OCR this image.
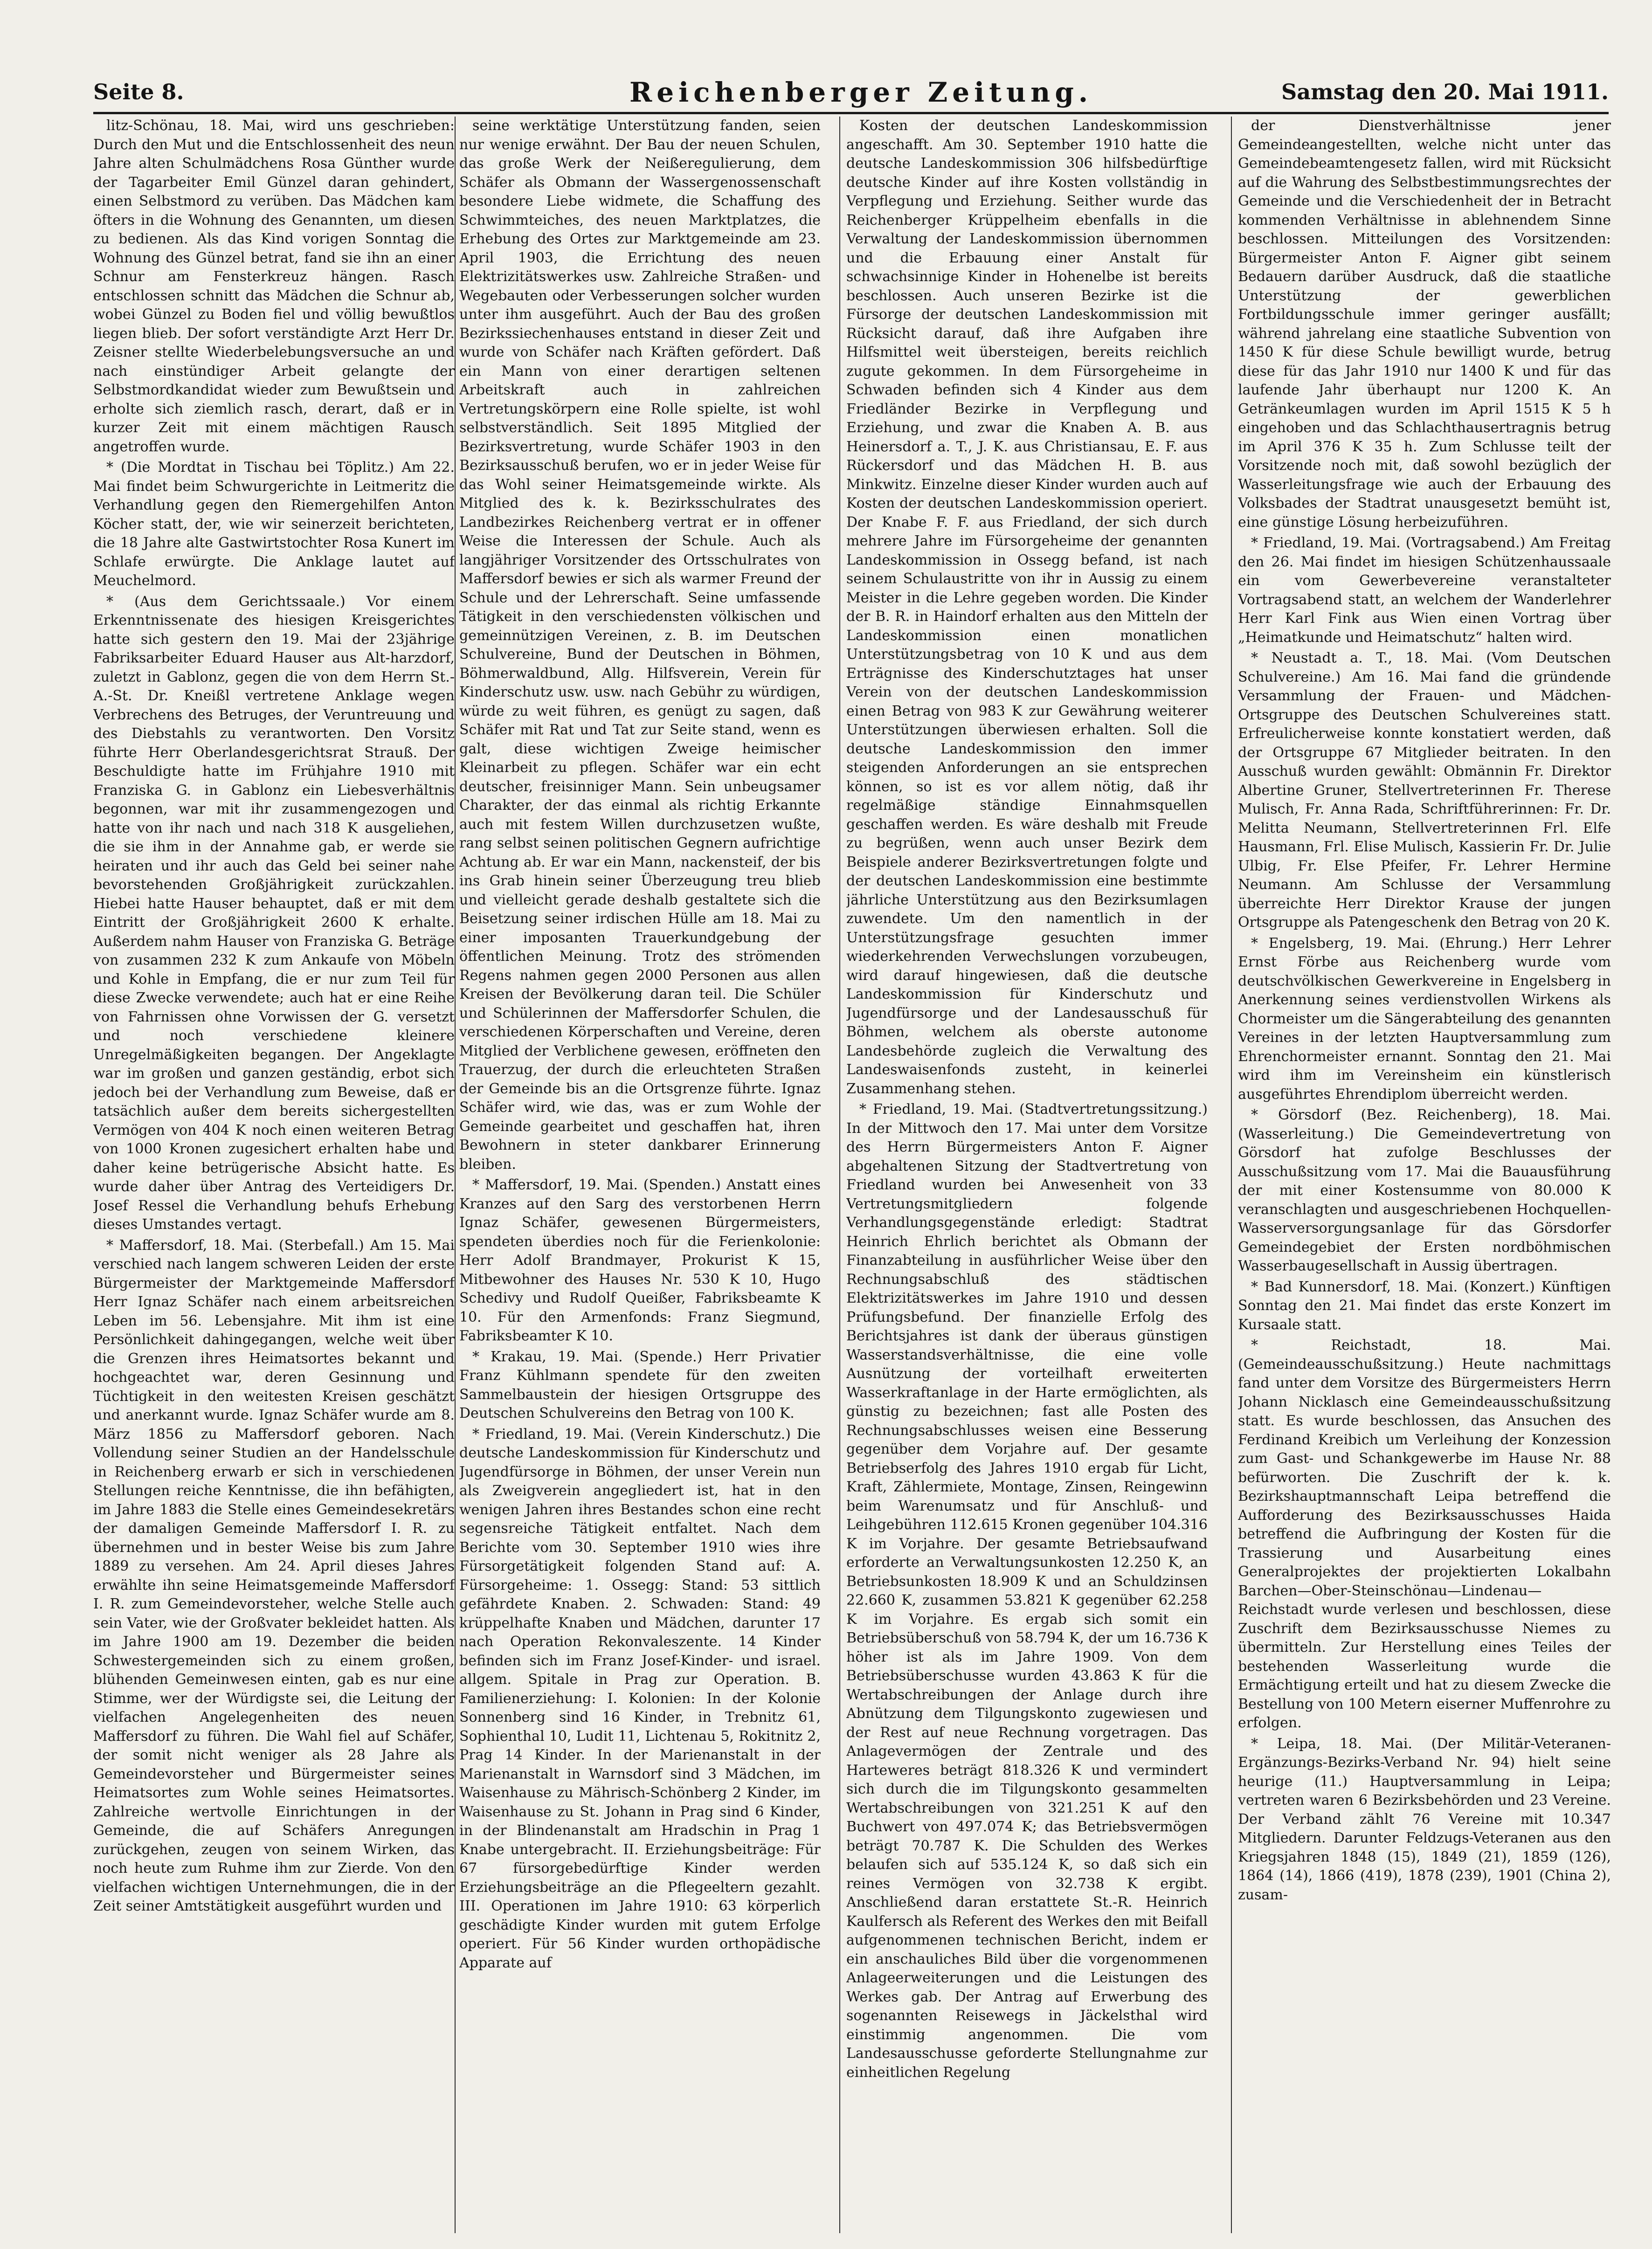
Seite 8.	Reichenberger Zeitung.	Samstag den 20. Mai 1911.

litz-Schönau, 18. Mai, wird uns geschrieben: Durch den Mut und die Entschlossenheit des neun Jahre alten Schulmädchens Rosa Günther wurde der Tagarbeiter Emil Günzel daran gehindert, einen Selbstmord zu verüben. Das Mädchen kam öfters in die Wohnung des Genannten, um diesen zu bedienen. Als das Kind vorigen Sonntag die Wohnung des Günzel betrat, fand sie ihn an einer Schnur am Fensterkreuz hängen. Rasch entschlossen schnitt das Mädchen die Schnur ab, wobei Günzel zu Boden fiel und völlig bewußtlos liegen blieb. Der sofort verständigte Arzt Herr Dr. Zeisner stellte Wiederbelebungsversuche an und nach einstündiger Arbeit gelangte der Selbstmordkandidat wieder zum Bewußtsein und erholte sich ziemlich rasch, derart, daß er in kurzer Zeit mit einem mächtigen Rausch angetroffen wurde.

* (Die Mordtat in Tischau bei Töplitz.) Am 22. Mai findet beim Schwurgerichte in Leitmeritz die Verhandlung gegen den Riemergehilfen Anton Köcher statt, der, wie wir seinerzeit berichteten, die 18 Jahre alte Gastwirtstochter Rosa Kunert im Schlafe erwürgte. Die Anklage lautet auf Meuchelmord.

* (Aus dem Gerichtssaale.) Vor einem Erkenntnissenate des hiesigen Kreisgerichtes hatte sich gestern den 19. Mai der 23jährige Fabriksarbeiter Eduard Hauser aus Alt-harzdorf, zuletzt in Gablonz, gegen die von dem Herrn St.-A.-St. Dr. Kneißl vertretene Anklage wegen Verbrechens des Betruges, der Veruntreuung und des Diebstahls zu verantworten. Den Vorsitz führte Herr Oberlandesgerichtsrat Strauß. Der Beschuldigte hatte im Frühjahre 1910 mit Franziska G. in Gablonz ein Liebesverhältnis begonnen, war mit ihr zusammengezogen und hatte von ihr nach und nach 318 K ausgeliehen, die sie ihm in der Annahme gab, er werde sie heiraten und ihr auch das Geld bei seiner nahe bevorstehenden Großjährigkeit zurückzahlen. Hiebei hatte Hauser behauptet, daß er mit dem Eintritt der Großjährigkeit 2600 K erhalte. Außerdem nahm Hauser von Franziska G. Beträge von zusammen 232 K zum Ankaufe von Möbeln und Kohle in Empfang, die er nur zum Teil für diese Zwecke verwendete; auch hat er eine Reihe von Fahrnissen ohne Vorwissen der G. versetzt und noch verschiedene kleinere Unregelmäßigkeiten begangen. Der Angeklagte war im großen und ganzen geständig, erbot sich jedoch bei der Verhandlung zum Beweise, daß er tatsächlich außer dem bereits sichergestellten Vermögen von 404 K noch einen weiteren Betrag von 1000 Kronen zugesichert erhalten habe und daher keine betrügerische Absicht hatte. Es wurde daher über Antrag des Verteidigers Dr. Josef Ressel die Verhandlung behufs Erhebung dieses Umstandes vertagt.

* Maffersdorf, 18. Mai. (Sterbefall.) Am 15. Mai verschied nach langem schweren Leiden der erste Bürgermeister der Marktgemeinde Maffersdorf Herr Ignaz Schäfer nach einem arbeitsreichen Leben im 56. Lebensjahre. Mit ihm ist eine Persönlichkeit dahingegangen, welche weit über die Grenzen ihres Heimatsortes bekannt und hochgeachtet war, deren Gesinnung und Tüchtigkeit in den weitesten Kreisen geschätzt und anerkannt wurde. Ignaz Schäfer wurde am 8. März 1856 zu Maffersdorf geboren. Nach Vollendung seiner Studien an der Handelsschule in Reichenberg erwarb er sich in verschiedenen Stellungen reiche Kenntnisse, die ihn befähigten, im Jahre 1883 die Stelle eines Gemeindesekretärs der damaligen Gemeinde Maffersdorf I. R. zu übernehmen und in bester Weise bis zum Jahre 1889 zu versehen. Am 24. April dieses Jahres erwählte ihn seine Heimatsgemeinde Maffersdorf I. R. zum Gemeindevorsteher, welche Stelle auch sein Vater, wie der Großvater bekleidet hatten. Als im Jahre 1900 am 19. Dezember die beiden Schwestergemeinden sich zu einem großen, blühenden Gemeinwesen einten, gab es nur eine Stimme, wer der Würdigste sei, die Leitung der vielfachen Angelegenheiten des neuen Maffersdorf zu führen. Die Wahl fiel auf Schäfer, der somit nicht weniger als 28 Jahre als Gemeindevorsteher und Bürgermeister seines Heimatsortes zum Wohle seines Heimatsortes. Zahlreiche wertvolle Einrichtungen in der Gemeinde, die auf Schäfers Anregungen zurückgehen, zeugen von seinem Wirken, das noch heute zum Ruhme ihm zur Zierde. Von den vielfachen wichtigen Unternehmungen, die in der Zeit seiner Amtstätigkeit ausgeführt wurden und

seine werktätige Unterstützung fanden, seien nur wenige erwähnt. Der Bau der neuen Schulen, das große Werk der Neißeregulierung, dem Schäfer als Obmann der Wassergenossenschaft besondere Liebe widmete, die Schaffung des Schwimmteiches, des neuen Marktplatzes, die Erhebung des Ortes zur Marktgemeinde am 23. April 1903, die Errichtung des neuen Elektrizitätswerkes usw. Zahlreiche Straßen- und Wegebauten oder Verbesserungen solcher wurden unter ihm ausgeführt. Auch der Bau des großen Bezirkssiechenhauses entstand in dieser Zeit und wurde von Schäfer nach Kräften gefördert. Daß ein Mann von einer derartigen seltenen Arbeitskraft auch in zahlreichen Vertretungskörpern eine Rolle spielte, ist wohl selbstverständlich. Seit 1895 Mitglied der Bezirksvertretung, wurde Schäfer 1903 in den Bezirksausschuß berufen, wo er in jeder Weise für das Wohl seiner Heimatsgemeinde wirkte. Als Mitglied des k. k. Bezirksschulrates des Landbezirkes Reichenberg vertrat er in offener Weise die Interessen der Schule. Auch als langjähriger Vorsitzender des Ortsschulrates von Maffersdorf bewies er sich als warmer Freund der Schule und der Lehrerschaft. Seine umfassende Tätigkeit in den verschiedensten völkischen und gemeinnützigen Vereinen, z. B. im Deutschen Schulvereine, Bund der Deutschen in Böhmen, Böhmerwaldbund, Allg. Hilfsverein, Verein für Kinderschutz usw. usw. nach Gebühr zu würdigen, würde zu weit führen, es genügt zu sagen, daß Schäfer mit Rat und Tat zur Seite stand, wenn es galt, diese wichtigen Zweige heimischer Kleinarbeit zu pflegen. Schäfer war ein echt deutscher, freisinniger Mann. Sein unbeugsamer Charakter, der das einmal als richtig Erkannte auch mit festem Willen durchzusetzen wußte, rang selbst seinen politischen Gegnern aufrichtige Achtung ab. Er war ein Mann, nackensteif, der bis ins Grab hinein seiner Überzeugung treu blieb und vielleicht gerade deshalb gestaltete sich die Beisetzung seiner irdischen Hülle am 18. Mai zu einer imposanten Trauerkundgebung der öffentlichen Meinung. Trotz des strömenden Regens nahmen gegen 2000 Personen aus allen Kreisen der Bevölkerung daran teil. Die Schüler und Schülerinnen der Maffersdorfer Schulen, die verschiedenen Körperschaften und Vereine, deren Mitglied der Verblichene gewesen, eröffneten den Trauerzug, der durch die erleuchteten Straßen der Gemeinde bis an die Ortsgrenze führte. Ignaz Schäfer wird, wie das, was er zum Wohle der Gemeinde gearbeitet und geschaffen hat, ihren Bewohnern in steter dankbarer Erinnerung bleiben.

* Maffersdorf, 19. Mai. (Spenden.) Anstatt eines Kranzes auf den Sarg des verstorbenen Herrn Ignaz Schäfer, gewesenen Bürgermeisters, spendeten überdies noch für die Ferienkolonie: Herr Adolf Brandmayer, Prokurist K 15, Mitbewohner des Hauses Nr. 530 K 10, Hugo Schedivy und Rudolf Queißer, Fabriksbeamte K 10. Für den Armenfonds: Franz Siegmund, Fabriksbeamter K 10.

* Krakau, 19. Mai. (Spende.) Herr Privatier Franz Kühlmann spendete für den zweiten Sammelbaustein der hiesigen Ortsgruppe des Deutschen Schulvereins den Betrag von 100 K.

* Friedland, 19. Mai. (Verein Kinderschutz.) Die deutsche Landeskommission für Kinderschutz und Jugendfürsorge in Böhmen, der unser Verein nun als Zweigverein angegliedert ist, hat in den wenigen Jahren ihres Bestandes schon eine recht segensreiche Tätigkeit entfaltet. Nach dem Berichte vom 30. September 1910 wies ihre Fürsorgetätigkeit folgenden Stand auf: A. Fürsorgeheime: 1. Ossegg: Stand: 53 sittlich gefährdete Knaben. 2. Schwaden: Stand: 49 krüppelhafte Knaben und Mädchen, darunter 17 nach Operation Rekonvaleszente. 14 Kinder befinden sich im Franz Josef-Kinder- und israel. allgem. Spitale in Prag zur Operation. B. Familienerziehung: I. Kolonien: In der Kolonie Sonnenberg sind 16 Kinder, in Trebnitz 61, Sophienthal 10, Ludit 11, Lichtenau 5, Rokitnitz 2, Prag 14 Kinder. In der Marienanstalt in der Marienanstalt in Warnsdorf sind 3 Mädchen, im Waisenhause zu Mährisch-Schönberg 2 Kinder, im Waisenhause zu St. Johann in Prag sind 6 Kinder, in der Blindenanstalt am Hradschin in Prag 1 Knabe untergebracht. II. Erziehungsbeiträge: Für 67 fürsorgebedürftige Kinder werden Erziehungsbeiträge an die Pflegeeltern gezahlt. III. Operationen im Jahre 1910: 63 körperlich geschädigte Kinder wurden mit gutem Erfolge operiert. Für 56 Kinder wurden orthopädische Apparate auf

Kosten der deutschen Landeskommission angeschafft. Am 30. September 1910 hatte die deutsche Landeskommission 306 hilfsbedürftige deutsche Kinder auf ihre Kosten vollständig in Verpflegung und Erziehung. Seither wurde das Reichenberger Krüppelheim ebenfalls in die Verwaltung der Landeskommission übernommen und die Erbauung einer Anstalt für schwachsinnige Kinder in Hohenelbe ist bereits beschlossen. Auch unseren Bezirke ist die Fürsorge der deutschen Landeskommission mit Rücksicht darauf, daß ihre Aufgaben ihre Hilfsmittel weit übersteigen, bereits reichlich zugute gekommen. In dem Fürsorgeheime in Schwaden befinden sich 4 Kinder aus dem Friedländer Bezirke in Verpflegung und Erziehung, und zwar die Knaben A. B. aus Heinersdorf a. T., J. K. aus Christiansau, E. F. aus Rückersdorf und das Mädchen H. B. aus Minkwitz. Einzelne dieser Kinder wurden auch auf Kosten der deutschen Landeskommission operiert. Der Knabe F. F. aus Friedland, der sich durch mehrere Jahre im Fürsorgeheime der genannten Landeskommission in Ossegg befand, ist nach seinem Schulaustritte von ihr in Aussig zu einem Meister in die Lehre gegeben worden. Die Kinder der B. R. in Haindorf erhalten aus den Mitteln der Landeskommission einen monatlichen Unterstützungsbetrag von 10 K und aus dem Erträgnisse des Kinderschutztages hat unser Verein von der deutschen Landeskommission einen Betrag von 983 K zur Gewährung weiterer Unterstützungen überwiesen erhalten. Soll die deutsche Landeskommission den immer steigenden Anforderungen an sie entsprechen können, so ist es vor allem nötig, daß ihr regelmäßige ständige Einnahmsquellen geschaffen werden. Es wäre deshalb mit Freude zu begrüßen, wenn auch unser Bezirk dem Beispiele anderer Bezirksvertretungen folgte und der deutschen Landeskommission eine bestimmte jährliche Unterstützung aus den Bezirksumlagen zuwendete. Um den namentlich in der Unterstützungsfrage gesuchten immer wiederkehrenden Verwechslungen vorzubeugen, wird darauf hingewiesen, daß die deutsche Landeskommission für Kinderschutz und Jugendfürsorge und der Landesausschuß für Böhmen, welchem als oberste autonome Landesbehörde zugleich die Verwaltung des Landeswaisenfonds zusteht, in keinerlei Zusammenhang stehen.

* Friedland, 19. Mai. (Stadtvertretungssitzung.) In der Mittwoch den 17. Mai unter dem Vorsitze des Herrn Bürgermeisters Anton F. Aigner abgehaltenen Sitzung der Stadtvertretung von Friedland wurden bei Anwesenheit von 33 Vertretungsmitgliedern folgende Verhandlungsgegenstände erledigt: Stadtrat Heinrich Ehrlich berichtet als Obmann der Finanzabteilung in ausführlicher Weise über den Rechnungsabschluß des städtischen Elektrizitätswerkes im Jahre 1910 und dessen Prüfungsbefund. Der finanzielle Erfolg des Berichtsjahres ist dank der überaus günstigen Wasserstandsverhältnisse, die eine volle Ausnützung der vorteilhaft erweiterten Wasserkraftanlage in der Harte ermöglichten, als günstig zu bezeichnen; fast alle Posten des Rechnungsabschlusses weisen eine Besserung gegenüber dem Vorjahre auf. Der gesamte Betriebserfolg des Jahres 1910 ergab für Licht, Kraft, Zählermiete, Montage, Zinsen, Reingewinn beim Warenumsatz und für Anschluß- und Leihgebühren 112.615 Kronen gegenüber 104.316 K im Vorjahre. Der gesamte Betriebsaufwand erforderte an Verwaltungsunkosten 12.250 K, an Betriebsunkosten 18.909 K und an Schuldzinsen 22.660 K, zusammen 53.821 K gegenüber 62.258 K im Vorjahre. Es ergab sich somit ein Betriebsüberschuß von 58.794 K, der um 16.736 K höher ist als im Jahre 1909. Von dem Betriebsüberschusse wurden 43.863 K für die Wertabschreibungen der Anlage durch ihre Abnützung dem Tilgungskonto zugewiesen und der Rest auf neue Rechnung vorgetragen. Das Anlagevermögen der Zentrale und des Harteweres beträgt 818.326 K und vermindert sich durch die im Tilgungskonto gesammelten Wertabschreibungen von 321.251 K auf den Buchwert von 497.074 K; das Betriebsvermögen beträgt 70.787 K. Die Schulden des Werkes belaufen sich auf 535.124 K, so daß sich ein reines Vermögen von 32.738 K ergibt. Anschließend daran erstattete St.-R. Heinrich Kaulfersch als Referent des Werkes den mit Beifall aufgenommenen technischen Bericht, indem er ein anschauliches Bild über die vorgenommenen Anlageerweiterungen und die Leistungen des Werkes gab. Der Antrag auf Erwerbung des sogenannten Reisewegs in Jäckelsthal wird einstimmig angenommen. Die vom Landesausschusse geforderte Stellungnahme zur einheitlichen Regelung

der Dienstverhältnisse jener Gemeindeangestellten, welche nicht unter das Gemeindebeamtengesetz fallen, wird mit Rücksicht auf die Wahrung des Selbstbestimmungsrechtes der Gemeinde und die Verschiedenheit der in Betracht kommenden Verhältnisse in ablehnendem Sinne beschlossen. Mitteilungen des Vorsitzenden: Bürgermeister Anton F. Aigner gibt seinem Bedauern darüber Ausdruck, daß die staatliche Unterstützung der gewerblichen Fortbildungsschule immer geringer ausfällt; während jahrelang eine staatliche Subvention von 1450 K für diese Schule bewilligt wurde, betrug diese für das Jahr 1910 nur 1400 K und für das laufende Jahr überhaupt nur 1200 K. An Getränkeumlagen wurden im April 1515 K 5 h eingehoben und das Schlachthausertragnis betrug im April 376 K 35 h. Zum Schlusse teilt der Vorsitzende noch mit, daß sowohl bezüglich der Wasserleitungsfrage wie auch der Erbauung des Volksbades der Stadtrat unausgesetzt bemüht ist, eine günstige Lösung herbeizuführen.

* Friedland, 19. Mai. (Vortragsabend.) Am Freitag den 26. Mai findet im hiesigen Schützenhaussaale ein vom Gewerbevereine veranstalteter Vortragsabend statt, an welchem der Wanderlehrer Herr Karl Fink aus Wien einen Vortrag über „Heimatkunde und Heimatschutz“ halten wird.

* Neustadt a. T., 18. Mai. (Vom Deutschen Schulvereine.) Am 16. Mai fand die gründende Versammlung der Frauen- und Mädchen-Ortsgruppe des Deutschen Schulvereines statt. Erfreulicherweise konnte konstatiert werden, daß der Ortsgruppe 67 Mitglieder beitraten. In den Ausschuß wurden gewählt: Obmännin Fr. Direktor Albertine Gruner, Stellvertreterinnen Fr. Therese Mulisch, Fr. Anna Rada, Schriftführerinnen: Fr. Dr. Melitta Neumann, Stellvertreterinnen Frl. Elfe Hausmann, Frl. Elise Mulisch, Kassierin Fr. Dr. Julie Ulbig, Fr. Else Pfeifer, Fr. Lehrer Hermine Neumann. Am Schlusse der Versammlung überreichte Herr Direktor Krause der jungen Ortsgruppe als Patengeschenk den Betrag von 20 K.

* Engelsberg, 19. Mai. (Ehrung.) Herr Lehrer Ernst Förbe aus Reichenberg wurde vom deutschvölkischen Gewerkvereine in Engelsberg in Anerkennung seines verdienstvollen Wirkens als Chormeister um die Sängerabteilung des genannten Vereines in der letzten Hauptversammlung zum Ehrenchormeister ernannt. Sonntag den 21. Mai wird ihm im Vereinsheim ein künstlerisch ausgeführtes Ehrendiplom überreicht werden.

* Görsdorf (Bez. Reichenberg), 18. Mai. (Wasserleitung.) Die Gemeindevertretung von Görsdorf hat zufolge Beschlusses der Ausschußsitzung vom 17. Mai die Bauausführung der mit einer Kostensumme von 80.000 K veranschlagten und ausgeschriebenen Hochquellen-Wasserversorgungsanlage für das Görsdorfer Gemeindegebiet der Ersten nordböhmischen Wasserbaugesellschaft in Aussig übertragen.

* Bad Kunnersdorf, 18. Mai. (Konzert.) Künftigen Sonntag den 21. Mai findet das erste Konzert im Kursaale statt.

* Reichstadt, 18. Mai. (Gemeindeausschußsitzung.) Heute nachmittags fand unter dem Vorsitze des Bürgermeisters Herrn Johann Nicklasch eine Gemeindeausschußsitzung statt. Es wurde beschlossen, das Ansuchen des Ferdinand Kreibich um Verleihung der Konzession zum Gast- und Schankgewerbe im Hause Nr. 88 befürworten. Die Zuschrift der k. k. Bezirkshauptmannschaft Leipa betreffend die Aufforderung des Bezirksausschusses Haida betreffend die Aufbringung der Kosten für die Trassierung und Ausarbeitung eines Generalprojektes der projektierten Lokalbahn Barchen—Ober-Steinschönau—Lindenau—Reichstadt wurde verlesen und beschlossen, diese Zuschrift dem Bezirksausschusse Niemes zu übermitteln. Zur Herstellung eines Teiles der bestehenden Wasserleitung wurde die Ermächtigung erteilt und hat zu diesem Zwecke die Bestellung von 100 Metern eiserner Muffenrohre zu erfolgen.

* Leipa, 18. Mai. (Der Militär-Veteranen-Ergänzungs-Bezirks-Verband Nr. 94) hielt seine heurige (11.) Hauptversammlung in Leipa; vertreten waren 6 Bezirksbehörden und 23 Vereine. Der Verband zählt 76 Vereine mit 10.347 Mitgliedern. Darunter Feldzugs-Veteranen aus den Kriegsjahren 1848 (15), 1849 (21), 1859 (126), 1864 (14), 1866 (419), 1878 (239), 1901 (China 2), zusam-
